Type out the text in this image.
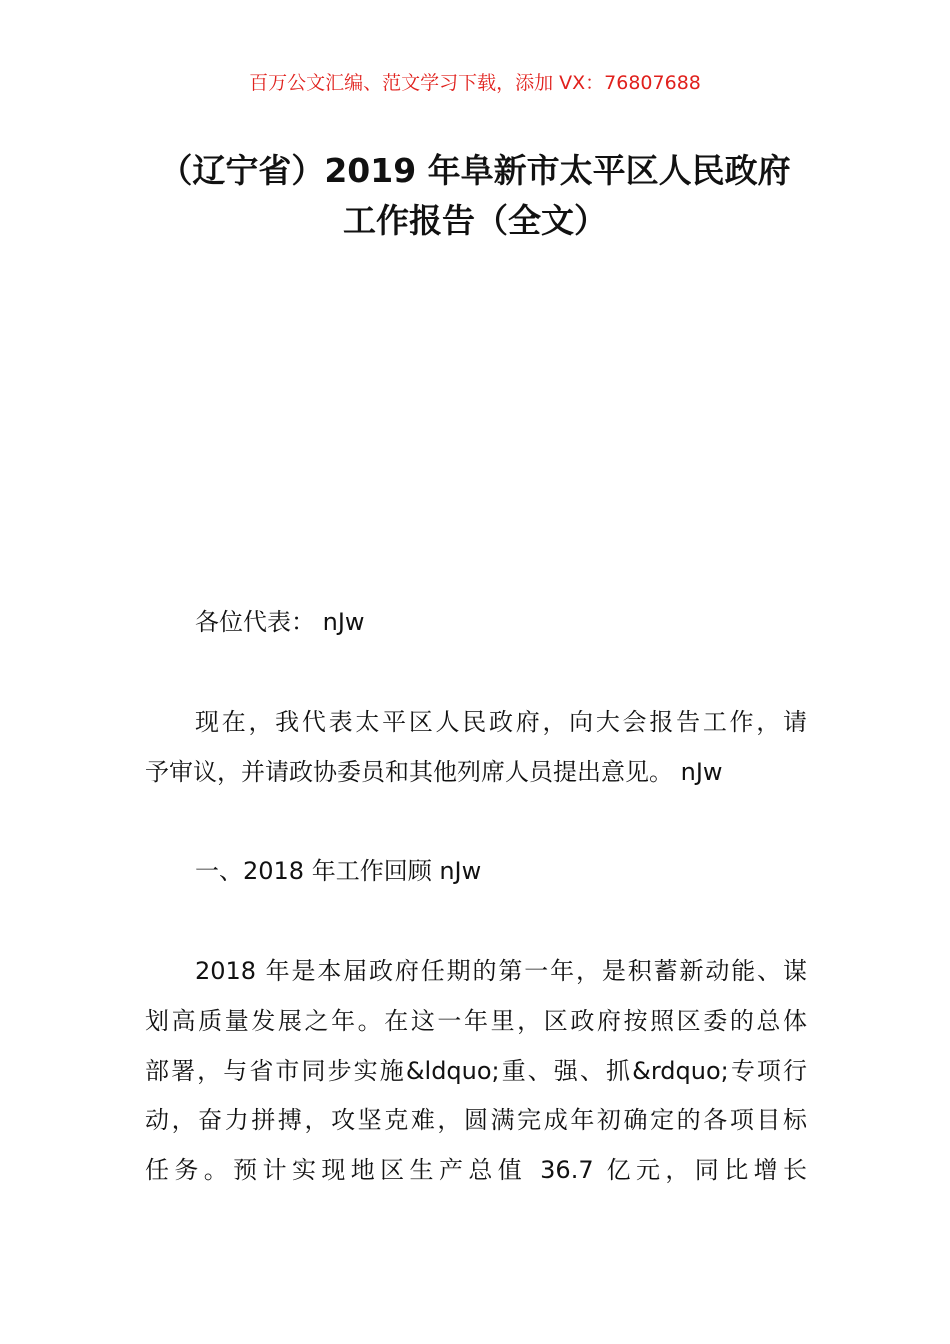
百万公文汇编、范文学习下载，添加 VX：76807688
（辽宁省）2019 年阜新市太平区人民政府
工作报告（全文）
各位代表： nJw
现在，我代表太平区人民政府，向大会报告工作，请
予审议，并请政协委员和其他列席人员提出意见。 nJw
一、2018 年工作回顾 nJw
2018 年是本届政府任期的第一年，是积蓄新动能、谋
划高质量发展之年。在这一年里，区政府按照区委的总体
部署，与省市同步实施&ldquo;重、强、抓&rdquo;专项行
动，奋力拼搏，攻坚克难，圆满完成年初确定的各项目标
任务。预计实现地区生产总值 36.7 亿元，同比增长
